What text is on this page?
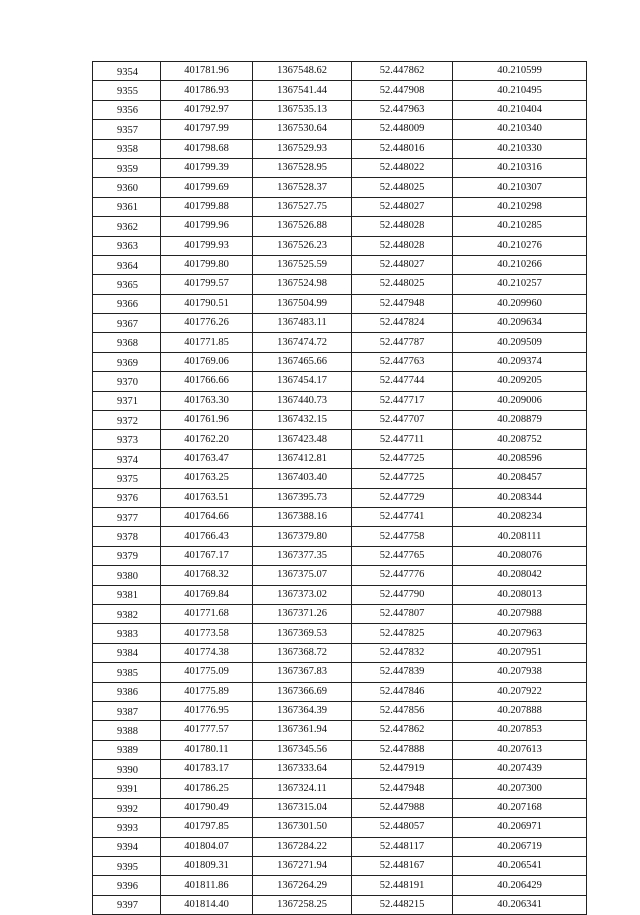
9354	401781.96	1367548.62	52.447862	40.210599
9355	401786.93	1367541.44	52.447908	40.210495
9356	401792.97	1367535.13	52.447963	40.210404
9357	401797.99	1367530.64	52.448009	40.210340
9358	401798.68	1367529.93	52.448016	40.210330
9359	401799.39	1367528.95	52.448022	40.210316
9360	401799.69	1367528.37	52.448025	40.210307
9361	401799.88	1367527.75	52.448027	40.210298
9362	401799.96	1367526.88	52.448028	40.210285
9363	401799.93	1367526.23	52.448028	40.210276
9364	401799.80	1367525.59	52.448027	40.210266
9365	401799.57	1367524.98	52.448025	40.210257
9366	401790.51	1367504.99	52.447948	40.209960
9367	401776.26	1367483.11	52.447824	40.209634
9368	401771.85	1367474.72	52.447787	40.209509
9369	401769.06	1367465.66	52.447763	40.209374
9370	401766.66	1367454.17	52.447744	40.209205
9371	401763.30	1367440.73	52.447717	40.209006
9372	401761.96	1367432.15	52.447707	40.208879
9373	401762.20	1367423.48	52.447711	40.208752
9374	401763.47	1367412.81	52.447725	40.208596
9375	401763.25	1367403.40	52.447725	40.208457
9376	401763.51	1367395.73	52.447729	40.208344
9377	401764.66	1367388.16	52.447741	40.208234
9378	401766.43	1367379.80	52.447758	40.208111
9379	401767.17	1367377.35	52.447765	40.208076
9380	401768.32	1367375.07	52.447776	40.208042
9381	401769.84	1367373.02	52.447790	40.208013
9382	401771.68	1367371.26	52.447807	40.207988
9383	401773.58	1367369.53	52.447825	40.207963
9384	401774.38	1367368.72	52.447832	40.207951
9385	401775.09	1367367.83	52.447839	40.207938
9386	401775.89	1367366.69	52.447846	40.207922
9387	401776.95	1367364.39	52.447856	40.207888
9388	401777.57	1367361.94	52.447862	40.207853
9389	401780.11	1367345.56	52.447888	40.207613
9390	401783.17	1367333.64	52.447919	40.207439
9391	401786.25	1367324.11	52.447948	40.207300
9392	401790.49	1367315.04	52.447988	40.207168
9393	401797.85	1367301.50	52.448057	40.206971
9394	401804.07	1367284.22	52.448117	40.206719
9395	401809.31	1367271.94	52.448167	40.206541
9396	401811.86	1367264.29	52.448191	40.206429
9397	401814.40	1367258.25	52.448215	40.206341
